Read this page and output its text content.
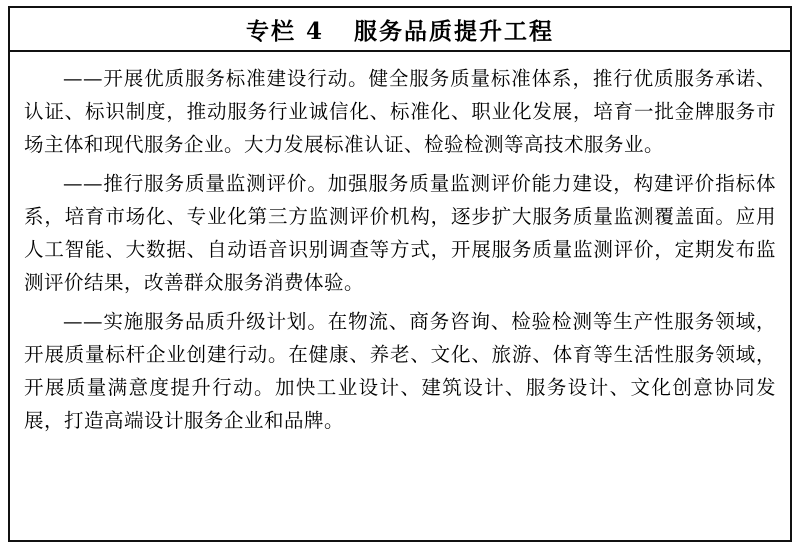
专栏 4   服务品质提升工程

——开展优质服务标准建设行动。健全服务质量标准体系，推行优质服务承诺、认证、标识制度，推动服务行业诚信化、标准化、职业化发展，培育一批金牌服务市场主体和现代服务企业。大力发展标准认证、检验检测等高技术服务业。

——推行服务质量监测评价。加强服务质量监测评价能力建设，构建评价指标体系，培育市场化、专业化第三方监测评价机构，逐步扩大服务质量监测覆盖面。应用人工智能、大数据、自动语音识别调查等方式，开展服务质量监测评价，定期发布监测评价结果，改善群众服务消费体验。

——实施服务品质升级计划。在物流、商务咨询、检验检测等生产性服务领域，开展质量标杆企业创建行动。在健康、养老、文化、旅游、体育等生活性服务领域，开展质量满意度提升行动。加快工业设计、建筑设计、服务设计、文化创意协同发展，打造高端设计服务企业和品牌。
